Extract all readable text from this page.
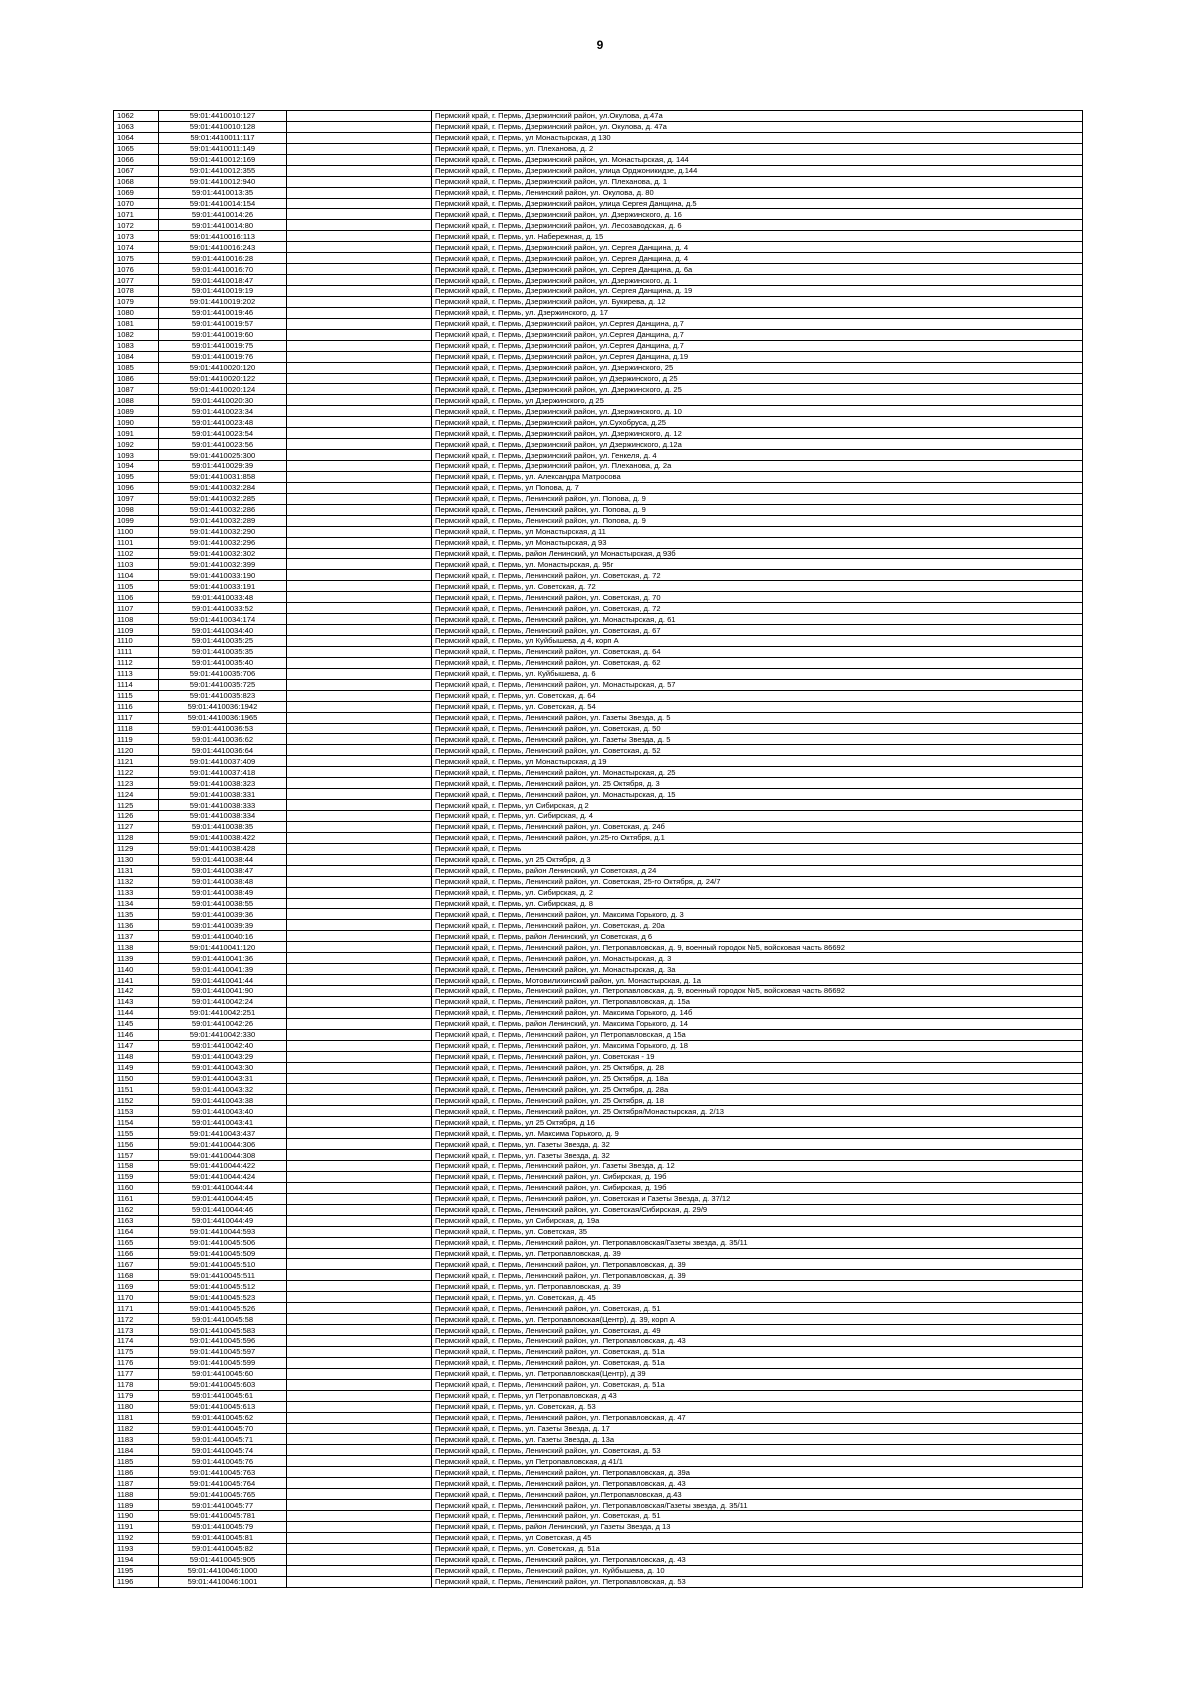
9
1062	59:01:4410010:127		Пермский край, г. Пермь, Дзержинский район, ул.Окулова, д.47а
1063	59:01:4410010:128		Пермский край, г. Пермь, Дзержинский район, ул. Окулова, д. 47а
1064	59:01:4410011:117		Пермский край, г. Пермь, ул Монастырская, д 130
1065	59:01:4410011:149		Пермский край, г. Пермь, ул. Плеханова, д. 2
1066	59:01:4410012:169		Пермский край, г. Пермь, Дзержинский район, ул. Монастырская, д. 144
1067	59:01:4410012:355		Пермский край, г. Пермь, Дзержинский район, улица Орджоникидзе, д.144
1068	59:01:4410012:940		Пермский край, г. Пермь, Дзержинский район, ул. Плеханова, д. 1
1069	59:01:4410013:35		Пермский край, г. Пермь, Ленинский район, ул. Окулова, д. 80
1070	59:01:4410014:154		Пермский край, г. Пермь, Дзержинский район, улица Сергея Данщина, д.5
1071	59:01:4410014:26		Пермский край, г. Пермь, Дзержинский район, ул. Дзержинского, д. 16
1072	59:01:4410014:80		Пермский край, г. Пермь, Дзержинский район, ул. Лесозаводская, д. 6
1073	59:01:4410016:113		Пермский край, г. Пермь, ул. Набережная, д. 15
1074	59:01:4410016:243		Пермский край, г. Пермь, Дзержинский район, ул. Сергея Данщина, д. 4
1075	59:01:4410016:28		Пермский край, г. Пермь, Дзержинский район, ул. Сергея Данщина, д. 4
1076	59:01:4410016:70		Пермский край, г. Пермь, Дзержинский район, ул. Сергея Данщина, д. 6а
1077	59:01:4410018:47		Пермский край, г. Пермь, Дзержинский район, ул. Дзержинского, д. 1
1078	59:01:4410019:19		Пермский край, г. Пермь, Дзержинский район, ул. Сергея Данщина, д. 19
1079	59:01:4410019:202		Пермский край, г. Пермь, Дзержинский район, ул. Букирева, д. 12
1080	59:01:4410019:46		Пермский край, г. Пермь, ул. Дзержинского, д. 17
1081	59:01:4410019:57		Пермский край, г. Пермь, Дзержинский район, ул.Сергея Данщина, д.7
1082	59:01:4410019:60		Пермский край, г. Пермь, Дзержинский район, ул.Сергея Данщина, д.7
1083	59:01:4410019:75		Пермский край, г. Пермь, Дзержинский район, ул.Сергея Данщина, д.7
1084	59:01:4410019:76		Пермский край, г. Пермь, Дзержинский район, ул.Сергея Данщина, д.19
1085	59:01:4410020:120		Пермский край, г. Пермь, Дзержинский район, ул. Дзержинского, 25
1086	59:01:4410020:122		Пермский край, г. Пермь, Дзержинский район, ул Дзержинского, д 25
1087	59:01:4410020:124		Пермский край, г. Пермь, Дзержинский район, ул. Дзержинского, д. 25
1088	59:01:4410020:30		Пермский край, г. Пермь, ул Дзержинского, д 25
1089	59:01:4410023:34		Пермский край, г. Пермь, Дзержинский район, ул. Дзержинского, д. 10
1090	59:01:4410023:48		Пермский край, г. Пермь, Дзержинский район, ул.Сухобруса, д.25
1091	59:01:4410023:54		Пермский край, г. Пермь, Дзержинский район, ул. Дзержинского, д. 12
1092	59:01:4410023:56		Пермский край, г. Пермь, Дзержинский район, ул Дзержинского, д.12а
1093	59:01:4410025:300		Пермский край, г. Пермь, Дзержинский район, ул. Генкеля, д. 4
1094	59:01:4410029:39		Пермский край, г. Пермь, Дзержинский район, ул. Плеханова, д. 2а
1095	59:01:4410031:858		Пермский край, г. Пермь, ул. Александра Матросова
1096	59:01:4410032:284		Пермский край, г. Пермь, ул Попова, д. 7
1097	59:01:4410032:285		Пермский край, г. Пермь, Ленинский район, ул. Попова, д. 9
1098	59:01:4410032:286		Пермский край, г. Пермь, Ленинский район, ул. Попова, д. 9
1099	59:01:4410032:289		Пермский край, г. Пермь, Ленинский район, ул. Попова, д. 9
1100	59:01:4410032:290		Пермский край, г. Пермь, ул Монастырская, д 11
1101	59:01:4410032:296		Пермский край, г. Пермь, ул Монастырская, д 93
1102	59:01:4410032:302		Пермский край, г. Пермь, район Ленинский, ул Монастырская, д 93б
1103	59:01:4410032:399		Пермский край, г. Пермь, ул. Монастырская, д. 95г
1104	59:01:4410033:190		Пермский край, г. Пермь, Ленинский район, ул. Советская, д. 72
1105	59:01:4410033:191		Пермский край, г. Пермь, ул. Советская, д. 72
1106	59:01:4410033:48		Пермский край, г. Пермь, Ленинский район, ул. Советская, д. 70
1107	59:01:4410033:52		Пермский край, г. Пермь, Ленинский район, ул. Советская, д. 72
1108	59:01:4410034:174		Пермский край, г. Пермь, Ленинский район, ул. Монастырская, д. 61
1109	59:01:4410034:40		Пермский край, г. Пермь, Ленинский район, ул. Советская, д. 67
1110	59:01:4410035:25		Пермский край, г. Пермь, ул Куйбышева, д 4, корп А
1111	59:01:4410035:35		Пермский край, г. Пермь, Ленинский район, ул. Советская, д. 64
1112	59:01:4410035:40		Пермский край, г. Пермь, Ленинский район, ул. Советская, д. 62
1113	59:01:4410035:706		Пермский край, г. Пермь, ул. Куйбышева, д. 6
1114	59:01:4410035:725		Пермский край, г. Пермь, Ленинский район, ул. Монастырская, д. 57
1115	59:01:4410035:823		Пермский край, г. Пермь, ул. Советская, д. 64
1116	59:01:4410036:1942		Пермский край, г. Пермь, ул. Советская, д. 54
1117	59:01:4410036:1965		Пермский край, г. Пермь, Ленинский район, ул. Газеты Звезда, д. 5
1118	59:01:4410036:53		Пермский край, г. Пермь, Ленинский район, ул. Советская, д. 50
1119	59:01:4410036:62		Пермский край, г. Пермь, Ленинский район, ул. Газеты Звезда, д. 5
1120	59:01:4410036:64		Пермский край, г. Пермь, Ленинский район, ул. Советская, д. 52
1121	59:01:4410037:409		Пермский край, г. Пермь, ул Монастырская, д 19
1122	59:01:4410037:418		Пермский край, г. Пермь, Ленинский район, ул. Монастырская, д. 25
1123	59:01:4410038:323		Пермский край, г. Пермь, Ленинский район, ул. 25 Октября, д. 3
1124	59:01:4410038:331		Пермский край, г. Пермь, Ленинский район, ул. Монастырская, д. 15
1125	59:01:4410038:333		Пермский край, г. Пермь, ул Сибирская, д 2
1126	59:01:4410038:334		Пермский край, г. Пермь, ул. Сибирская, д. 4
1127	59:01:4410038:35		Пермский край, г. Пермь, Ленинский район, ул. Советская, д. 24б
1128	59:01:4410038:422		Пермский край, г. Пермь, Ленинский район, ул.25-го Октября, д.1
1129	59:01:4410038:428		Пермский край, г. Пермь
1130	59:01:4410038:44		Пермский край, г. Пермь, ул 25 Октября, д 3
1131	59:01:4410038:47		Пермский край, г. Пермь, район Ленинский, ул Советская, д 24
1132	59:01:4410038:48		Пермский край, г. Пермь, Ленинский район, ул. Советская, 25-го Октября, д. 24/7
1133	59:01:4410038:49		Пермский край, г. Пермь, ул. Сибирская, д. 2
1134	59:01:4410038:55		Пермский край, г. Пермь, ул. Сибирская, д. 8
1135	59:01:4410039:36		Пермский край, г. Пермь, Ленинский район, ул. Максима Горького, д. 3
1136	59:01:4410039:39		Пермский край, г. Пермь, Ленинский район, ул. Советская, д. 20а
1137	59:01:4410040:16		Пермский край, г. Пермь, район Ленинский, ул Советская, д 6
1138	59:01:4410041:120		Пермский край, г. Пермь, Ленинский район, ул. Петропавловская, д. 9, военный городок №5, войсковая часть 86692
1139	59:01:4410041:36		Пермский край, г. Пермь, Ленинский район, ул. Монастырская, д. 3
1140	59:01:4410041:39		Пермский край, г. Пермь, Ленинский район, ул. Монастырская, д. 3а
1141	59:01:4410041:44		Пермский край, г. Пермь, Мотовилихинский район, ул. Монастырская, д. 1а
1142	59:01:4410041:90		Пермский край, г. Пермь, Ленинский район, ул. Петропавловская, д. 9, военный городок №5, войсковая часть 86692
1143	59:01:4410042:24		Пермский край, г. Пермь, Ленинский район, ул. Петропавловская, д. 15а
1144	59:01:4410042:251		Пермский край, г. Пермь, Ленинский район, ул. Максима Горького, д. 14б
1145	59:01:4410042:26		Пермский край, г. Пермь, район Ленинский, ул. Максима Горького, д. 14
1146	59:01:4410042:330		Пермский край, г. Пермь, Ленинский район, ул Петропавловская, д 15а
1147	59:01:4410042:40		Пермский край, г. Пермь, Ленинский район, ул. Максима Горького, д. 18
1148	59:01:4410043:29		Пермский край, г. Пермь, Ленинский район, ул. Советская - 19
1149	59:01:4410043:30		Пермский край, г. Пермь, Ленинский район, ул. 25 Октября, д. 28
1150	59:01:4410043:31		Пермский край, г. Пермь, Ленинский район, ул. 25 Октября, д. 18а
1151	59:01:4410043:32		Пермский край, г. Пермь, Ленинский район, ул. 25 Октября, д. 28а
1152	59:01:4410043:38		Пермский край, г. Пермь, Ленинский район, ул. 25 Октября, д. 18
1153	59:01:4410043:40		Пермский край, г. Пермь, Ленинский район, ул. 25 Октября/Монастырская, д. 2/13
1154	59:01:4410043:41		Пермский край, г. Пермь, ул 25 Октября, д 16
1155	59:01:4410043:437		Пермский край, г. Пермь, ул. Максима Горького, д. 9
1156	59:01:4410044:306		Пермский край, г. Пермь, ул. Газеты Звезда, д. 32
1157	59:01:4410044:308		Пермский край, г. Пермь, ул. Газеты Звезда, д. 32
1158	59:01:4410044:422		Пермский край, г. Пермь, Ленинский район, ул. Газеты Звезда, д. 12
1159	59:01:4410044:424		Пермский край, г. Пермь, Ленинский район, ул. Сибирская, д. 19б
1160	59:01:4410044:44		Пермский край, г. Пермь, Ленинский район, ул. Сибирская, д. 19б
1161	59:01:4410044:45		Пермский край, г. Пермь, Ленинский район, ул. Советская и Газеты Звезда, д. 37/12
1162	59:01:4410044:46		Пермский край, г. Пермь, Ленинский район, ул. Советская/Сибирская, д. 29/9
1163	59:01:4410044:49		Пермский край, г. Пермь, ул Сибирская, д. 19а
1164	59:01:4410044:593		Пермский край, г. Пермь, ул. Советская, 35
1165	59:01:4410045:506		Пермский край, г. Пермь, Ленинский район, ул. Петропавловская/Газеты звезда, д. 35/11
1166	59:01:4410045:509		Пермский край, г. Пермь, ул. Петропавловская, д. 39
1167	59:01:4410045:510		Пермский край, г. Пермь, Ленинский район, ул. Петропавловская, д. 39
1168	59:01:4410045:511		Пермский край, г. Пермь, Ленинский район, ул. Петропавловская, д. 39
1169	59:01:4410045:512		Пермский край, г. Пермь, ул. Петропавловская, д. 39
1170	59:01:4410045:523		Пермский край, г. Пермь, ул. Советская, д. 45
1171	59:01:4410045:526		Пермский край, г. Пермь, Ленинский район, ул. Советская, д. 51
1172	59:01:4410045:58		Пермский край, г. Пермь, ул. Петропавловская(Центр), д. 39, корп А
1173	59:01:4410045:583		Пермский край, г. Пермь, Ленинский район, ул. Советская, д. 49
1174	59:01:4410045:596		Пермский край, г. Пермь, Ленинский район, ул. Петропавловская, д. 43
1175	59:01:4410045:597		Пермский край, г. Пермь, Ленинский район, ул. Советская, д. 51а
1176	59:01:4410045:599		Пермский край, г. Пермь, Ленинский район, ул. Советская, д. 51а
1177	59:01:4410045:60		Пермский край, г. Пермь, ул. Петропавловская(Центр), д 39
1178	59:01:4410045:603		Пермский край, г. Пермь, Ленинский район, ул. Советская, д. 51а
1179	59:01:4410045:61		Пермский край, г. Пермь, ул Петропавловская, д 43
1180	59:01:4410045:613		Пермский край, г. Пермь, ул. Советская, д. 53
1181	59:01:4410045:62		Пермский край, г. Пермь, Ленинский район, ул. Петропавловская, д. 47
1182	59:01:4410045:70		Пермский край, г. Пермь, ул. Газеты Звезда, д. 17
1183	59:01:4410045:71		Пермский край, г. Пермь, ул. Газеты Звезда, д. 13а
1184	59:01:4410045:74		Пермский край, г. Пермь, Ленинский район, ул. Советская, д. 53
1185	59:01:4410045:76		Пермский край, г. Пермь, ул Петропавловская, д 41/1
1186	59:01:4410045:763		Пермский край, г. Пермь, Ленинский район, ул. Петропавловская, д. 39а
1187	59:01:4410045:764		Пермский край, г. Пермь, Ленинский район, ул. Петропавловская, д. 43
1188	59:01:4410045:765		Пермский край, г. Пермь, Ленинский район, ул.Петропавловская, д.43
1189	59:01:4410045:77		Пермский край, г. Пермь, Ленинский район, ул. Петропавловская/Газеты звезда, д. 35/11
1190	59:01:4410045:781		Пермский край, г. Пермь, Ленинский район, ул. Советская, д. 51
1191	59:01:4410045:79		Пермский край, г. Пермь, район Ленинский, ул Газеты Звезда, д 13
1192	59:01:4410045:81		Пермский край, г. Пермь, ул Советская, д 45
1193	59:01:4410045:82		Пермский край, г. Пермь, ул. Советская, д. 51а
1194	59:01:4410045:905		Пермский край, г. Пермь, Ленинский район, ул. Петропавловская, д. 43
1195	59:01:4410046:1000		Пермский край, г. Пермь, Ленинский район, ул. Куйбышева, д. 10
1196	59:01:4410046:1001		Пермский край, г. Пермь, Ленинский район, ул. Петропавловская, д. 53
